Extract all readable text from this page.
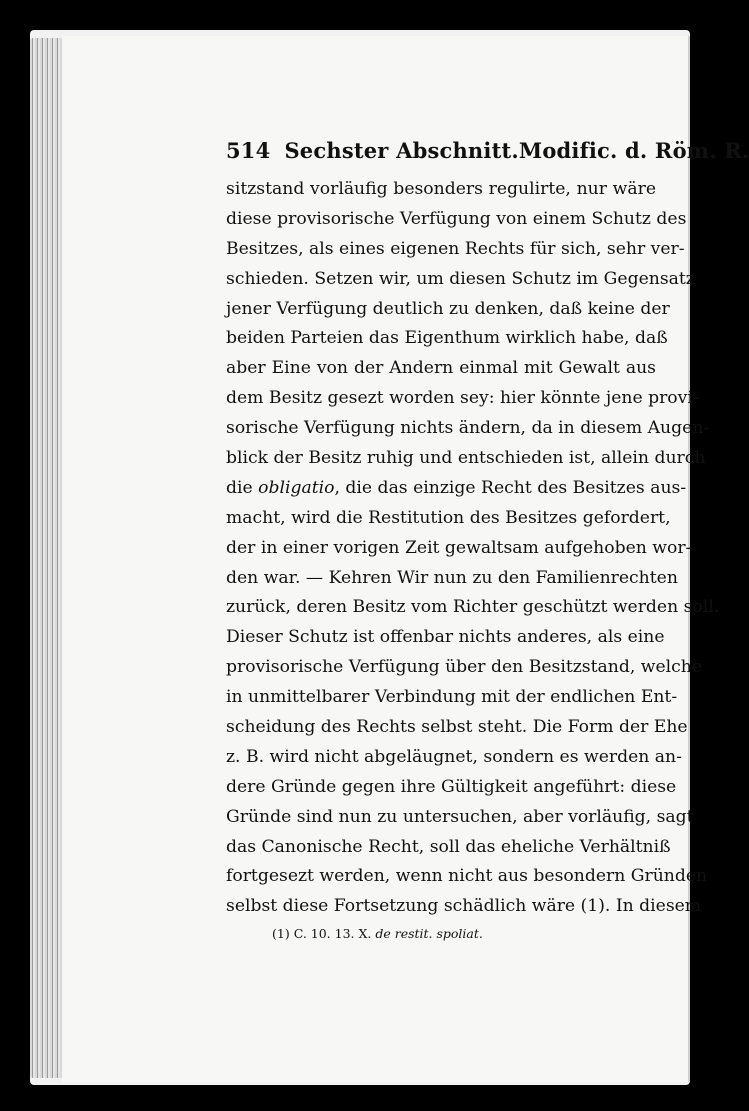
514 Sechster Abschnitt. Modific. d. Röm. R.
sitzstand vorläufig besonders regulirte, nur wäre
diese provisorische Verfügung von einem Schutz des
Besitzes, als eines eigenen Rechts für sich, sehr ver-
schieden. Setzen wir, um diesen Schutz im Gegensatz
jener Verfügung deutlich zu denken, daß keine der
beiden Parteien das Eigenthum wirklich habe, daß
aber Eine von der Andern einmal mit Gewalt aus
dem Besitz gesezt worden sey: hier könnte jene provi-
sorische Verfügung nichts ändern, da in diesem Augen-
blick der Besitz ruhig und entschieden ist, allein durch
die obligatio, die das einzige Recht des Besitzes aus-
macht, wird die Restitution des Besitzes gefordert,
der in einer vorigen Zeit gewaltsam aufgehoben wor-
den war. — Kehren Wir nun zu den Familienrechten
zurück, deren Besitz vom Richter geschützt werden soll.
Dieser Schutz ist offenbar nichts anderes, als eine
provisorische Verfügung über den Besitzstand, welche
in unmittelbarer Verbindung mit der endlichen Ent-
scheidung des Rechts selbst steht. Die Form der Ehe
z. B. wird nicht abgeläugnet, sondern es werden an-
dere Gründe gegen ihre Gültigkeit angeführt: diese
Gründe sind nun zu untersuchen, aber vorläufig, sagt
das Canonische Recht, soll das eheliche Verhältniß
fortgesezt werden, wenn nicht aus besondern Gründen
selbst diese Fortsetzung schädlich wäre (1). In diesem
(1) C. 10. 13. X. de restit. spoliat.
